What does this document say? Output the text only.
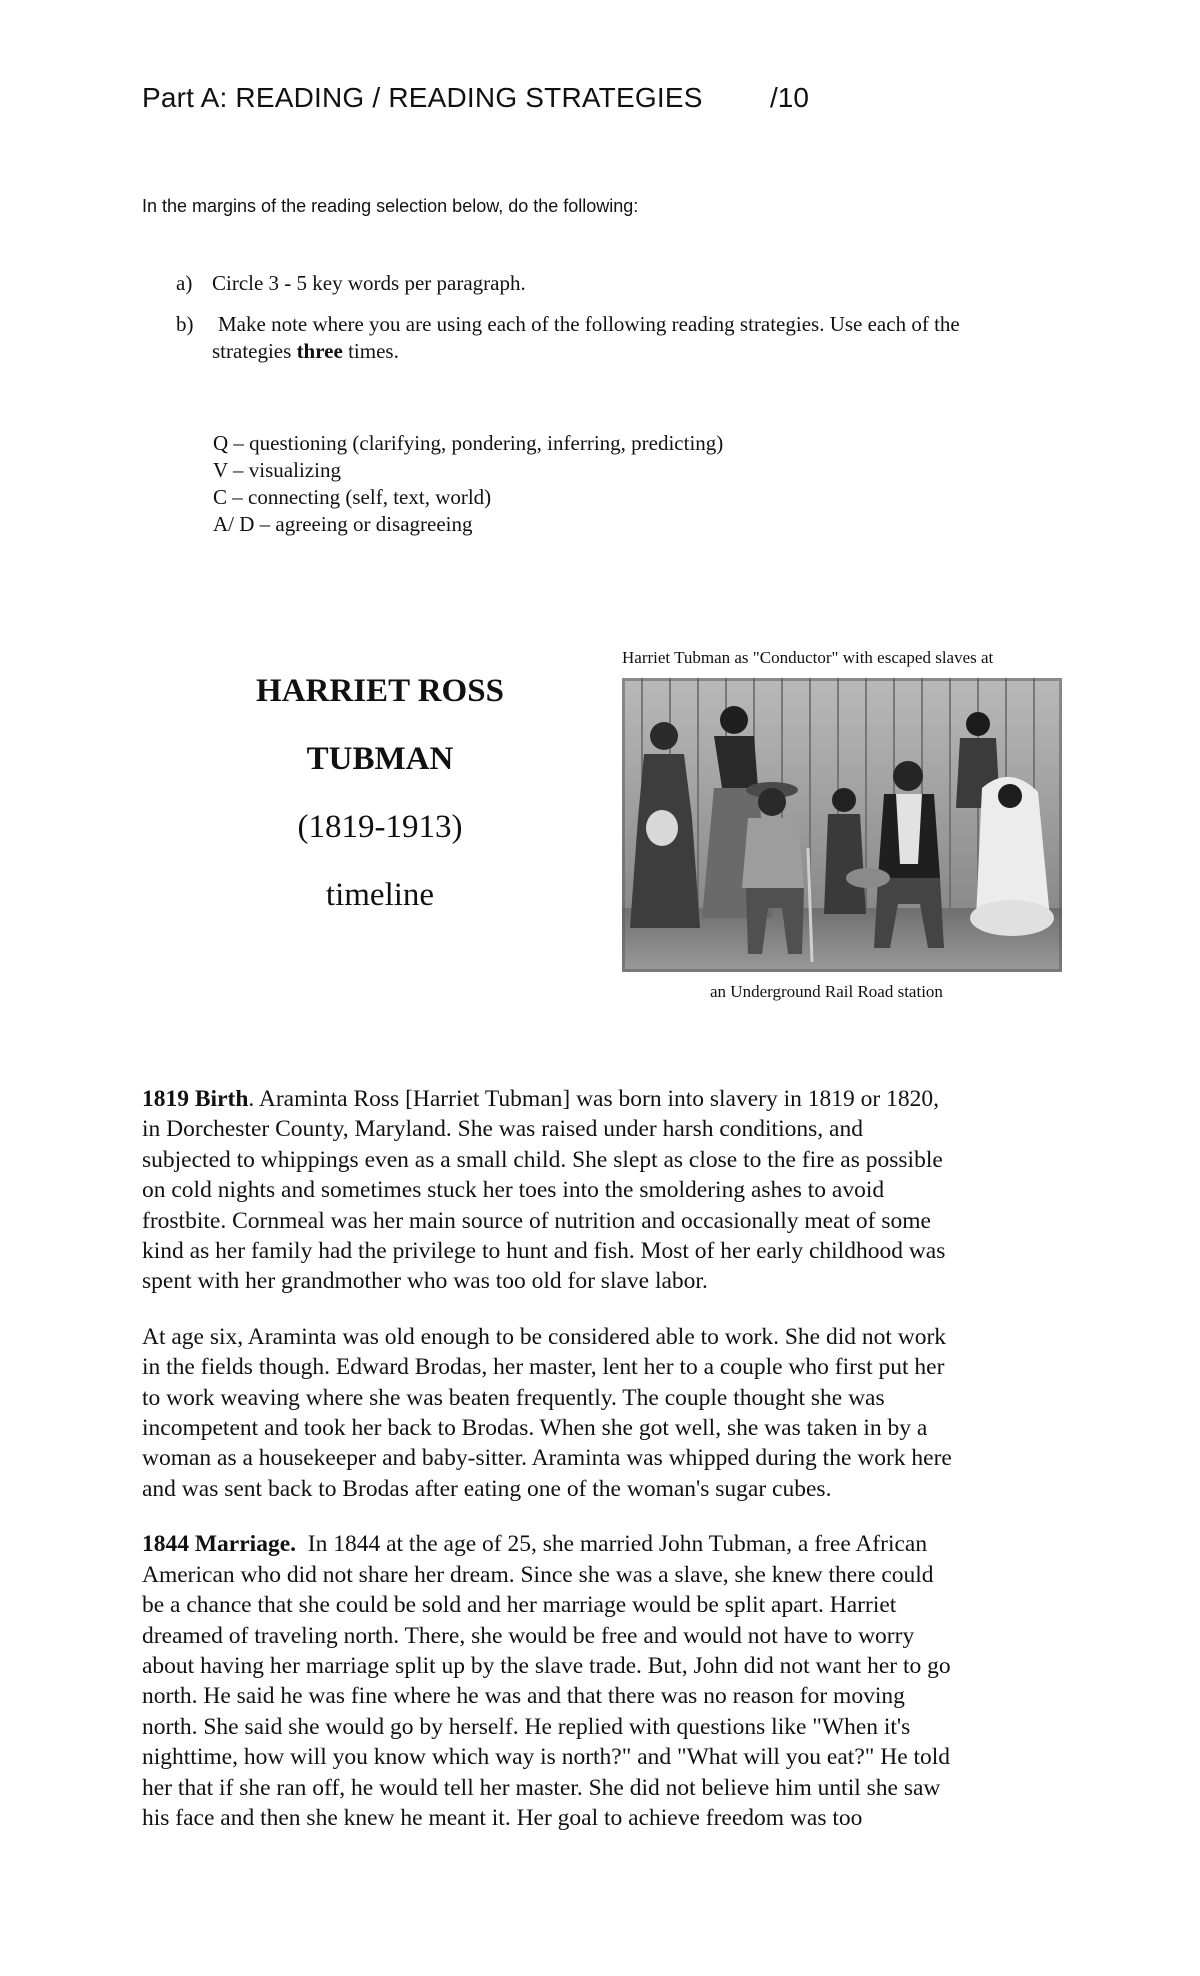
Part A: READING / READING STRATEGIES /10
In the margins of the reading selection below, do the following:
a) Circle 3 - 5 key words per paragraph.
b) Make note where you are using each of the following reading strategies. Use each of the
strategies three times.
Q – questioning (clarifying, pondering, inferring, predicting)
V – visualizing
C – connecting (self, text, world)
A/ D – agreeing or disagreeing
HARRIET ROSS
TUBMAN
(1819-1913)
timeline
Harriet Tubman as "Conductor" with escaped slaves at
an Underground Rail Road station
1819 Birth. Araminta Ross [Harriet Tubman] was born into slavery in 1819 or 1820,
in Dorchester County, Maryland. She was raised under harsh conditions, and
subjected to whippings even as a small child. She slept as close to the fire as possible
on cold nights and sometimes stuck her toes into the smoldering ashes to avoid
frostbite. Cornmeal was her main source of nutrition and occasionally meat of some
kind as her family had the privilege to hunt and fish. Most of her early childhood was
spent with her grandmother who was too old for slave labor.
At age six, Araminta was old enough to be considered able to work. She did not work
in the fields though. Edward Brodas, her master, lent her to a couple who first put her
to work weaving where she was beaten frequently. The couple thought she was
incompetent and took her back to Brodas. When she got well, she was taken in by a
woman as a housekeeper and baby-sitter. Araminta was whipped during the work here
and was sent back to Brodas after eating one of the woman's sugar cubes.
1844 Marriage.  In 1844 at the age of 25, she married John Tubman, a free African
American who did not share her dream. Since she was a slave, she knew there could
be a chance that she could be sold and her marriage would be split apart. Harriet
dreamed of traveling north. There, she would be free and would not have to worry
about having her marriage split up by the slave trade. But, John did not want her to go
north. He said he was fine where he was and that there was no reason for moving
north. She said she would go by herself. He replied with questions like "When it's
nighttime, how will you know which way is north?" and "What will you eat?" He told
her that if she ran off, he would tell her master. She did not believe him until she saw
his face and then she knew he meant it. Her goal to achieve freedom was too
